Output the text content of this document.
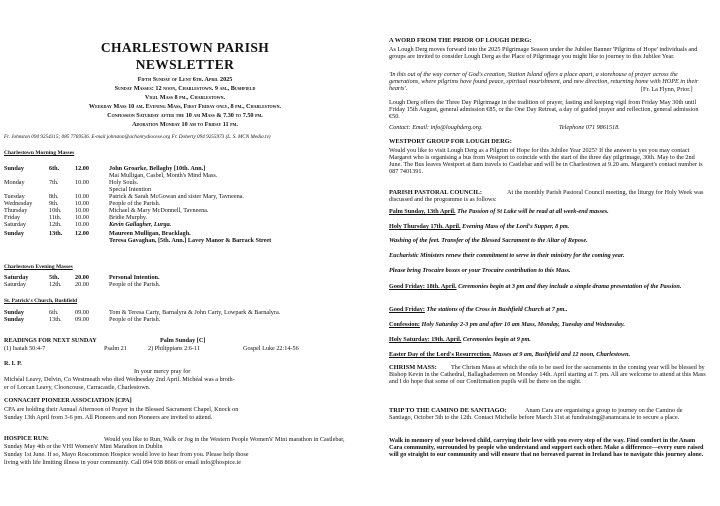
CHARLESTOWN PARISH
NEWSLETTER
Fifth Sunday of Lent 6th. April 2025
Sunday Masses: 12 noon, Charlestown. 9 am., Bushfield
Vigil Mass 8 pm., Charlestown.
Weekday Mass 10 am. Evening Mass, First Friday only, 8 pm., Charlestown.
Confession Saturday after the 10 am Mass & 7.30 to 7.50 pm.
Adoration Monday 10 am to Friday 11 pm.
Fr. Johnston 094 9254315; 085 7769536. E-mail johnston@achonrydiocese.org Fr. Doherty 094 9255973 (L. S. MCN Media.tv)
Charlestown Morning Masses
Sunday	6th.	12.00	John Groarke, Bellaghy [10th. Ann.]
			Mai Mulligan, Casbel, Month's Mind Mass.
Monday	7th.	10.00	Holy Souls.
			Special Intention
Tuesday	8th.	10.00	Patrick & Sarah McGowan and sister Mary, Tavneena.
Wednesday	9th.	10.00	People of the Parish.
Thursday	10th.	10.00	Michael & Mary McDonnell, Tavneena.
Friday	11th.	10.00	Bridie Murphy.
Saturday	12th.	10.00	Kevin Gallagher, Lurga.
Sunday	13th.	12.00	Maureen Mulligan, Bracklagh.
			Teresa Gavaghan, [5th. Ann.] Lavey Manor & Barrack Street
Charlestown Evening Masses
Saturday	5th.	20.00	Personal Intention.
Saturday	12th.	20.00	People of the Parish.
St. Patrick's Church, Bushfield
Sunday	6th.	09.00	Tom & Teresa Carty, Barnalyra & John Carty, Lowpark & Barnalyra.
Sunday	13th.	09.00	People of the Parish.
READINGS FOR NEXT SUNDAY	Palm Sunday [C]
(1) Isaiah 50:4-7	Psalm 21	2) Philippians 2:6-11	Gospel Luke 22:14-56
R. I. P.
In your mercy pray for
Michéal Leavy, Delvin, Co Westmeath who died Wednesday 2nd April. Michéal was a broth-
er of Lorcan Leavy, Clooncouse, Carracastle, Charlestown.
CONNACHT PIONEER ASSOCIATION [CPA]
CPA are holding their Annual Afternoon of Prayer in the Blessed Sacrament Chapel, Knock on
Sunday 13th April from 3-6 pm. All Pioneers and non Pioneers are invited to attend.
HOSPICE RUN:	Would you like to Run, Walk or Jog in the Western People Women's' Mini marathon in Castlebar, Sunday May 4th or the VHI Women's' Mini Marathon in Dublin
Sunday 1st June. If so, Mayo Roscommon Hospice would love to hear from you. Please help those
living with life limiting illness in your community. Call 094 938 8666 or email info@hospice.ie
A WORD FROM THE PRIOR OF LOUGH DERG:
As Lough Derg moves forward into the 2025 Pilgrimage Season under the Jubilee Banner 'Pilgrims of Hope' individuals and groups are invited to consider Lough Derg as the Place of Pilgrimage you might like to journey to this Jubilee Year.
'In this out of the way corner of God's creation, Station Island offers a place apart, a storehouse of prayer across the generations, where pilgrims have found peace, spiritual nourishment, and new direction, returning home with HOPE in their hearts'.	[Fr. La Flynn, Prior.]
Lough Derg offers the Three Day Pilgrimage in the tradition of prayer, fasting and keeping vigil from Friday May 30th until Friday 15th August, general admission €85, or the One Day Retreat, a day of guided prayer and reflection, general admission €50.
Contact: Email: info@loughderg.org.	Telephone 071 9861518.
WESTPORT GROUP FOR LOUGH DERG:
Would you like to visit Lough Derg as a Pilgrim of Hope for this Jubilee Year 2025? If the answer is yes you may contact Margaret who is organising a bus from Westport to coincide with the start of the three day pilgrimage, 30th. May to the 2nd June. The Bus leaves Westport at 8am travels to Castlebar and will be in Charlestown at 9.20 am. Margaret's contact number is 087 7401391.
PARISH PASTORAL COUNCIL:	At the monthly Parish Pastoral Council meeting, the liturgy for Holy Week was discussed and the programme is as follows:
Palm Sunday, 13th April. The Passion of St Luke will be read at all week-end masses.
Holy Thursday 17th. April. Evening Mass of the Lord's Supper, 8 pm.
Washing of the feet. Transfer of the Blessed Sacrament to the Altar of Repose.
Eucharistic Ministers renew their commitment to serve in their ministry for the coming year.
Please bring Trocaire boxes or your Trocaire contribution to this Mass.
Good Friday: 18th. April. Ceremonies begin at 3 pm and they include a simple drama presentation of the Passion.
Good Friday: The stations of the Cross in Bushfield Church at 7 pm..
Confession: Holy Saturday 2-3 pm and after 10 am Mass, Monday, Tuesday and Wednesday.
Holy Saturday: 19th. April. Ceremonies begin at 9 pm.
Easter Day of the Lord's Resurrection. Masses at 9 am, Bushfield and 12 noon, Charlestown.
CHRISM MASS:	The Chrism Mass at which the oils to be used for the sacraments in the coming year will be blessed by Bishop Kevin in the Cathedral, Ballaghaderreen on Monday 14th. April starting at 7. pm. All are welcome to attend at this Mass and I do hope that some of our Confirmation pupils will be there on the night.
TRIP TO THE CAMINO DE SANTIAGO:	Anam Cara are organising a group to journey on the Camino de Santiago, October 5th to the 12th. Contact Michelle before March 31st at fundraising@anamcara.ie to secure a place.
Walk in memory of your beloved child, carrying their love with you every step of the way. Find comfort in the Anam Cara community, surrounded by people who understand and support each other. Make a difference—every euro raised will go straight to our community and will ensure that no bereaved parent in Ireland has to navigate this journey alone.
